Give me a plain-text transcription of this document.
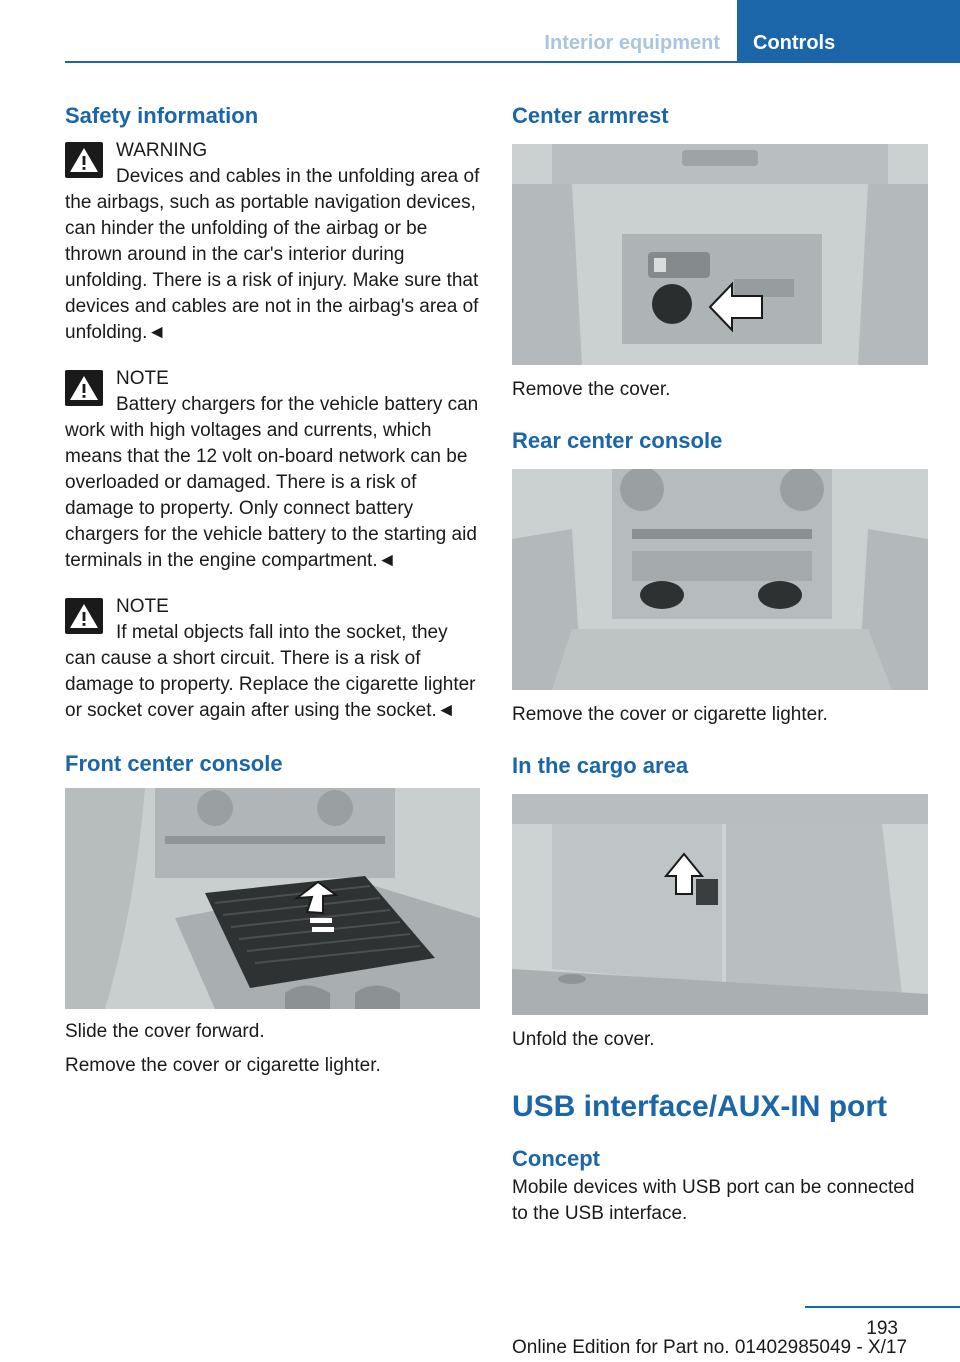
Interior equipment	Controls
Safety information
WARNING

Devices and cables in the unfolding area of the airbags, such as portable navigation devices, can hinder the unfolding of the airbag or be thrown around in the car's interior during unfolding. There is a risk of injury. Make sure that devices and cables are not in the airbag's area of unfolding.◄

NOTE

Battery chargers for the vehicle battery can work with high voltages and currents, which means that the 12 volt on-board network can be overloaded or damaged. There is a risk of damage to property. Only connect battery chargers for the vehicle battery to the starting aid terminals in the engine compartment.◄

NOTE

If metal objects fall into the socket, they can cause a short circuit. There is a risk of damage to property. Replace the cigarette lighter or socket cover again after using the socket.◄

Front center console

Slide the cover forward.

Remove the cover or cigarette lighter.

Center armrest

Remove the cover.

Rear center console

Remove the cover or cigarette lighter.

In the cargo area

Unfold the cover.

USB interface/AUX-IN port
Concept

Mobile devices with USB port can be connected to the USB interface.

193
Online Edition for Part no. 01402985049 - X/17
